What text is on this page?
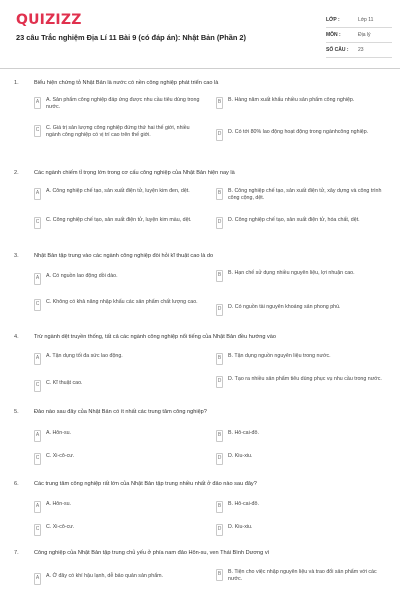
QUIZIZZ
23 câu Trắc nghiệm Địa Lí 11 Bài 9 (có đáp án): Nhật Bản (Phần 2)
LỚP :	Lớp 11
MÔN :	Địa lý
SỐ CÂU :	23
1.	Biểu hiện chứng tỏ Nhật Bản là nước có nền công nghiệp phát triển cao là
A	A. Sản phẩm công nghiệp đáp ứng được nhu cầu tiêu dùng trong nước.
B	B. Hàng năm xuất khẩu nhiều sản phẩm công nghiệp.
C	C. Giá trị sản lượng công nghiệp đứng thứ hai thế giới, nhiều ngành công nghiệp có vị trí cao trên thế giới.	D	D. Có tới 80% lao động hoạt động trong ngànhcông nghiệp.
2.	Các ngành chiếm tỉ trọng lớn trong cơ cấu công nghiệp của Nhật Bản hiện nay là
A	A. Công nghiệp chế tạo, sản xuất điện tử, luyện kim đen, dệt.	B	B. Công nghiệp chế tạo, sản xuất điện tử, xây dựng và công trình công cộng, dệt.
C	C. Công nghiệp chế tạo, sản xuất điện tử, luyện kim màu, dệt.	D	D. Công nghiệp chế tạo, sản xuất điện tử, hóa chất, dệt.
3.	Nhật Bản tập trung vào các ngành công nghiệp đòi hỏi kĩ thuật cao là do
A	A. Có nguồn lao động dồi dào.	B	B. Hạn chế sử dụng nhiều nguyên liệu, lợi nhuận cao.
C	C. Không có khả năng nhập khẩu các sản phẩm chất lượng cao.
D	D. Có nguồn tài nguyên khoáng sản phong phú.
4.	Trừ ngành dệt truyền thống, tất cả các ngành công nghiệp nổi tiếng của Nhật Bản đều hướng vào
A	A. Tận dụng tối đa sức lao động.	B	B. Tận dụng nguồn nguyên liệu trong nước.
C	C. Kĩ thuật cao.	D	D. Tạo ra nhiều sản phẩm tiêu dùng phục vụ nhu cầu trong nước.
5.	Đảo nào sau đây của Nhật Bản có ít nhất các trung tâm công nghiệp?
A	A. Hôn-su.	B	B. Hô-cai-đô.
C	C. Xi-cô-cư.	D	D. Kiu-xiu.
6.	Các trung tâm công nghiệp rất lớn của Nhật Bản tập trung nhiều nhất ở đảo nào sau đây?
A	A. Hôn-su.	B	B. Hô-cai-đô.
C	C. Xi-cô-cư.	D	D. Kiu-xiu.
7.	Công nghiệp của Nhật Bản tập trung chủ yếu ở phía nam đảo Hôn-su, ven Thái Bình Dương vì
A	A. Ở đây có khí hậu lạnh, dễ bảo quản sản phẩm.	B	B. Tiện cho việc nhập nguyên liệu và trao đổi sản phẩm với các nước.
